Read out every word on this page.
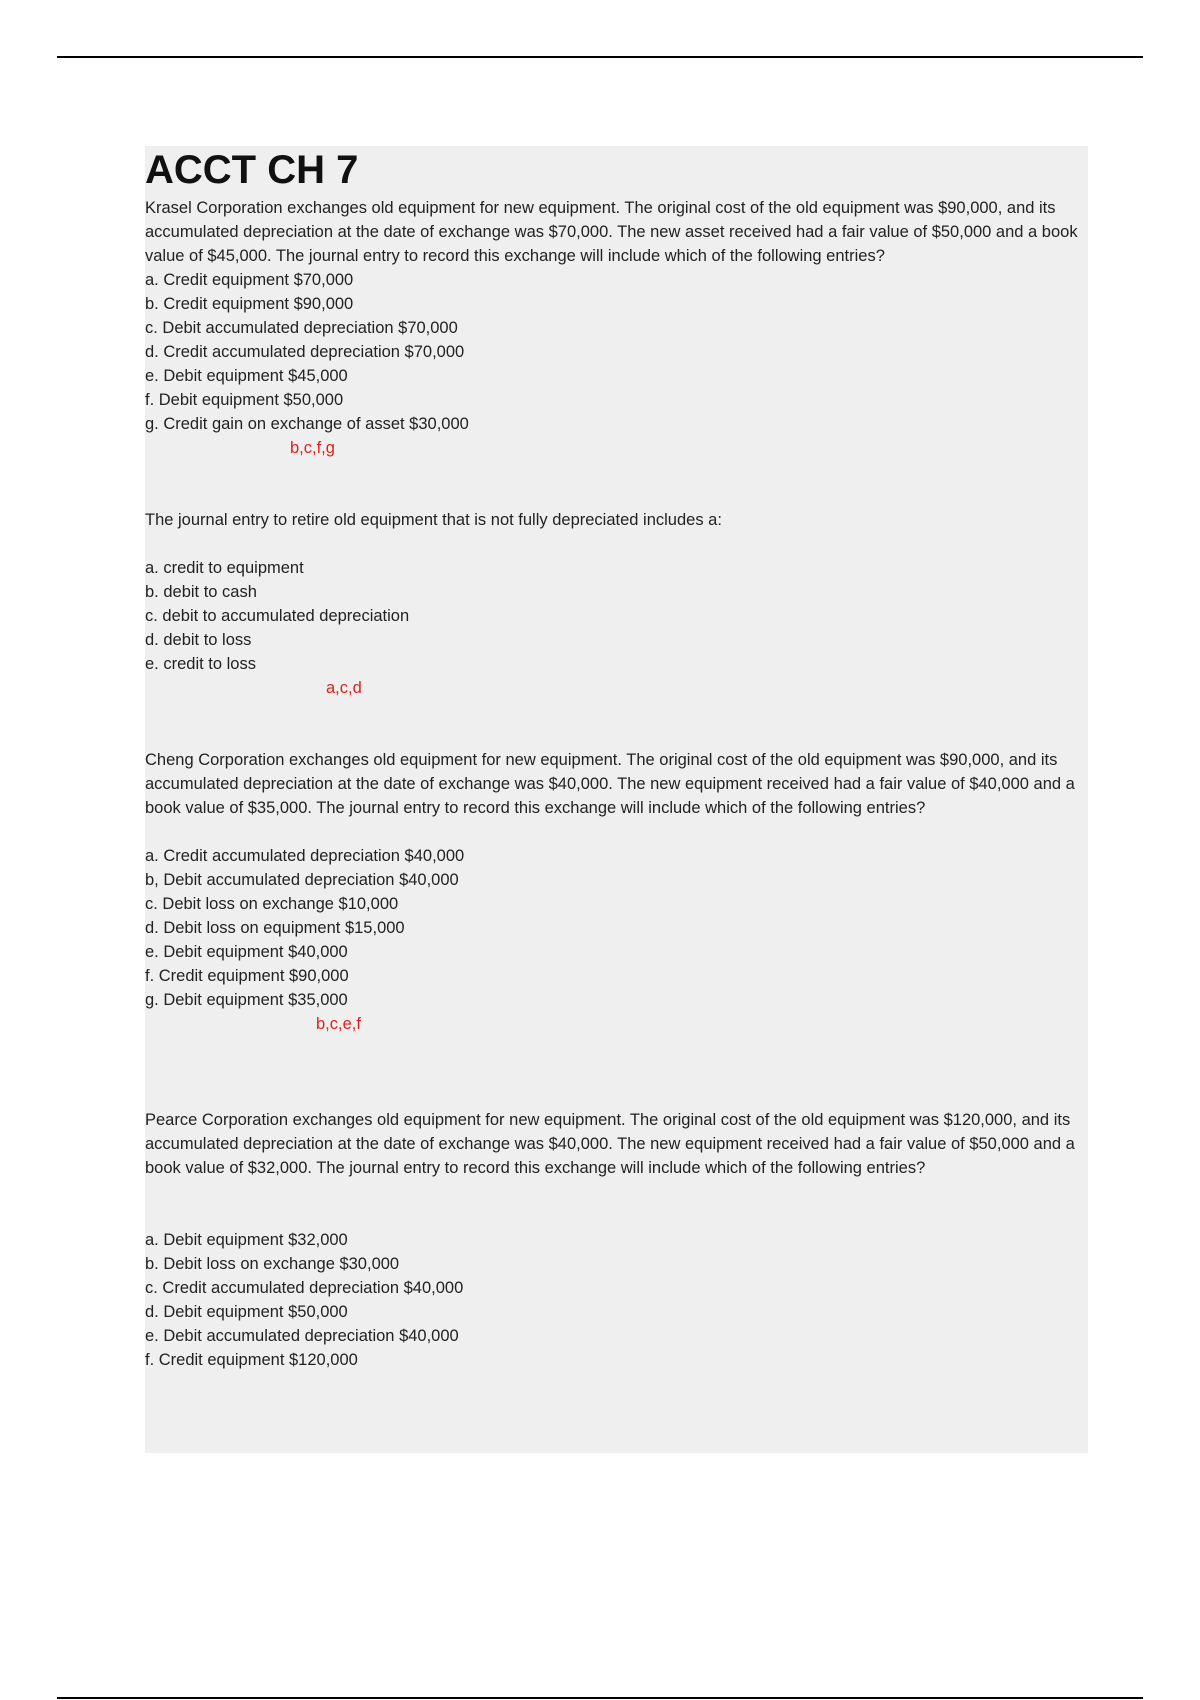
ACCT CH 7

Krasel Corporation exchanges old equipment for new equipment. The original cost of the old equipment was $90,000, and its accumulated depreciation at the date of exchange was $70,000. The new asset received had a fair value of $50,000 and a book value of $45,000. The journal entry to record this exchange will include which of the following entries?

a. Credit equipment $70,000
b. Credit equipment $90,000
c. Debit accumulated depreciation $70,000
d. Credit accumulated depreciation $70,000
e. Debit equipment $45,000
f. Debit equipment $50,000
g. Credit gain on exchange of asset $30,000
b,c,f,g

The journal entry to retire old equipment that is not fully depreciated includes a:

a. credit to equipment
b. debit to cash
c. debit to accumulated depreciation
d. debit to loss
e. credit to loss
a,c,d

Cheng Corporation exchanges old equipment for new equipment. The original cost of the old equipment was $90,000, and its accumulated depreciation at the date of exchange was $40,000. The new equipment received had a fair value of $40,000 and a book value of $35,000. The journal entry to record this exchange will include which of the following entries?

a. Credit accumulated depreciation $40,000
b, Debit accumulated depreciation $40,000
c. Debit loss on exchange $10,000
d. Debit loss on equipment $15,000
e. Debit equipment $40,000
f. Credit equipment $90,000
g. Debit equipment $35,000
b,c,e,f

Pearce Corporation exchanges old equipment for new equipment. The original cost of the old equipment was $120,000, and its accumulated depreciation at the date of exchange was $40,000. The new equipment received had a fair value of $50,000 and a book value of $32,000. The journal entry to record this exchange will include which of the following entries?

a. Debit equipment $32,000
b. Debit loss on exchange $30,000
c. Credit accumulated depreciation $40,000
d. Debit equipment $50,000
e. Debit accumulated depreciation $40,000
f. Credit equipment $120,000
